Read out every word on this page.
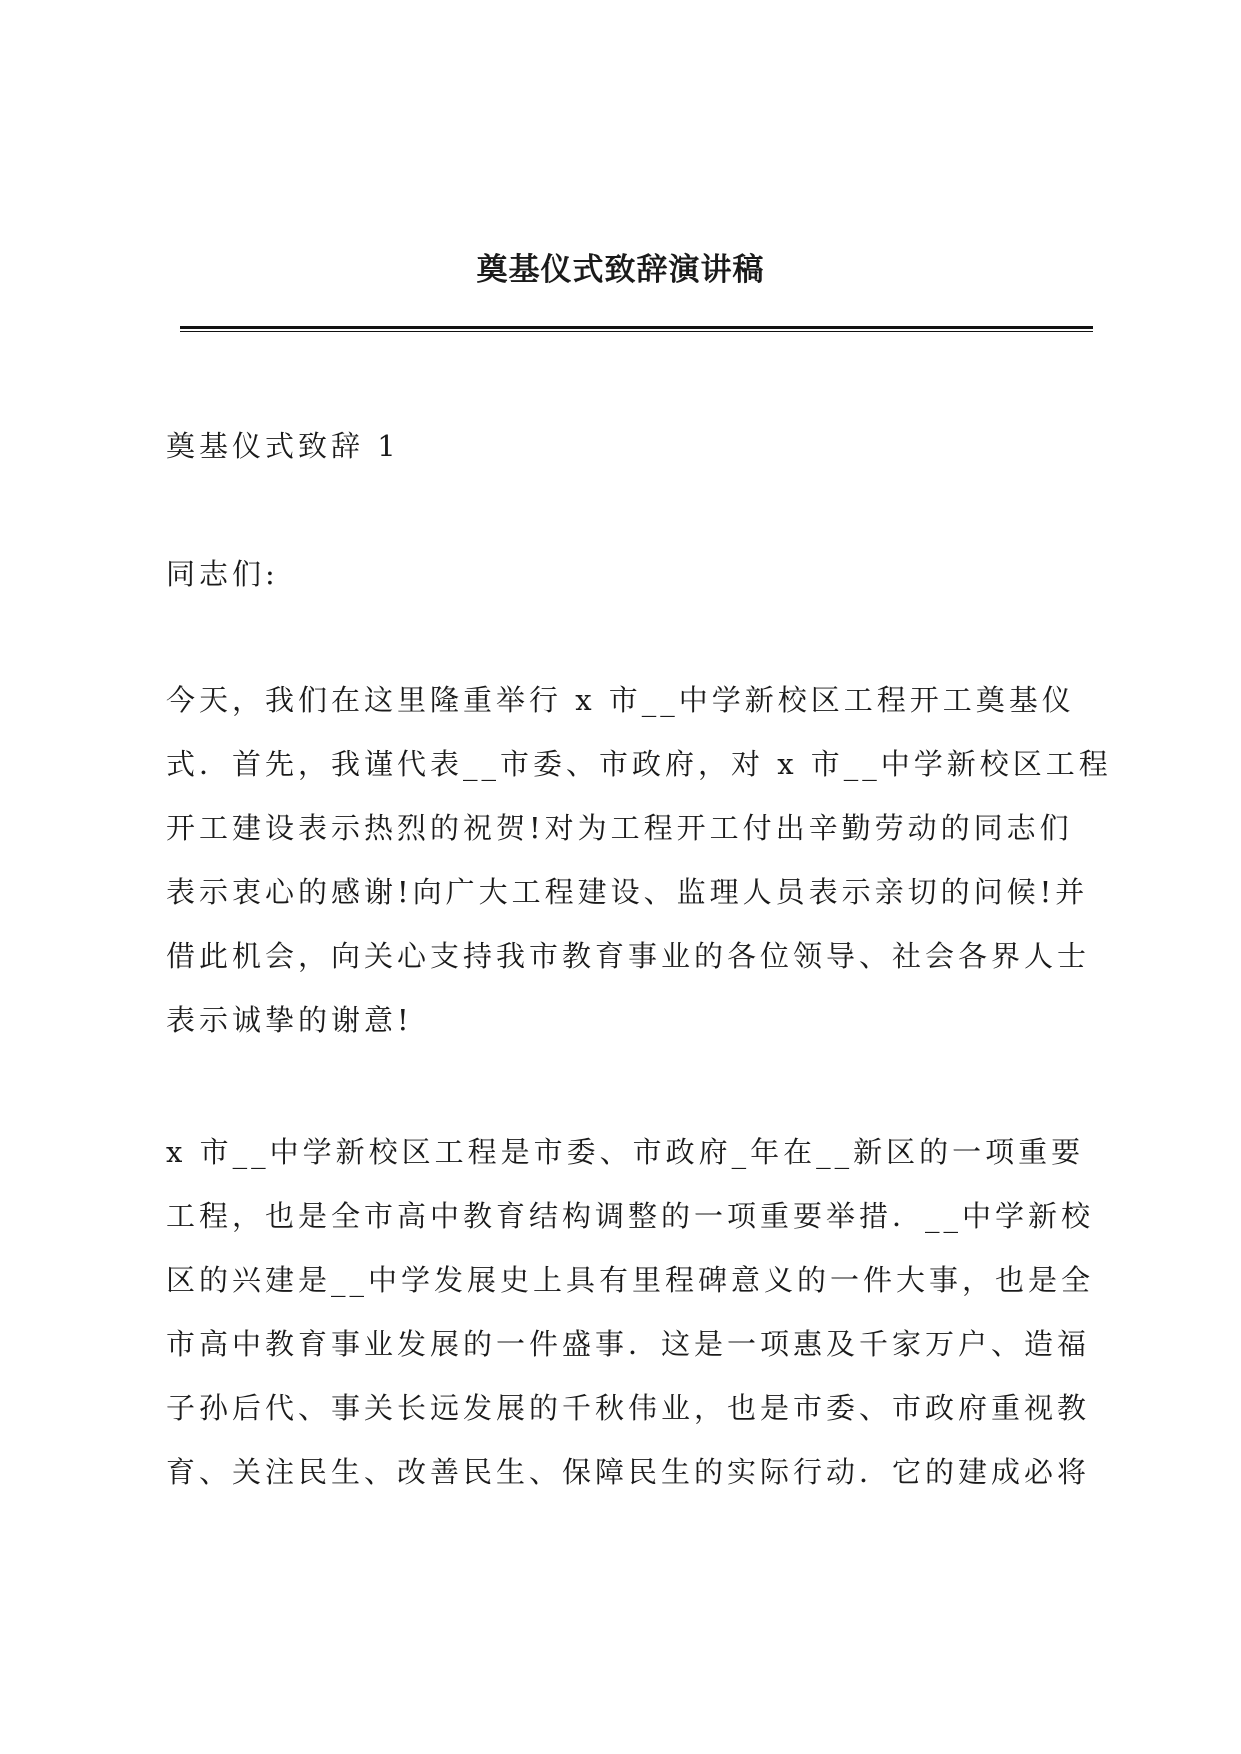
奠基仪式致辞演讲稿
奠基仪式致辞 1
同志们:
今天，我们在这里隆重举行 x 市__中学新校区工程开工奠基仪
式．首先，我谨代表__市委、市政府，对 x 市__中学新校区工程
开工建设表示热烈的祝贺!对为工程开工付出辛勤劳动的同志们
表示衷心的感谢!向广大工程建设、监理人员表示亲切的问候!并
借此机会，向关心支持我市教育事业的各位领导、社会各界人士
表示诚挚的谢意!
x 市__中学新校区工程是市委、市政府_年在__新区的一项重要
工程，也是全市高中教育结构调整的一项重要举措．__中学新校
区的兴建是__中学发展史上具有里程碑意义的一件大事，也是全
市高中教育事业发展的一件盛事．这是一项惠及千家万户、造福
子孙后代、事关长远发展的千秋伟业，也是市委、市政府重视教
育、关注民生、改善民生、保障民生的实际行动．它的建成必将
